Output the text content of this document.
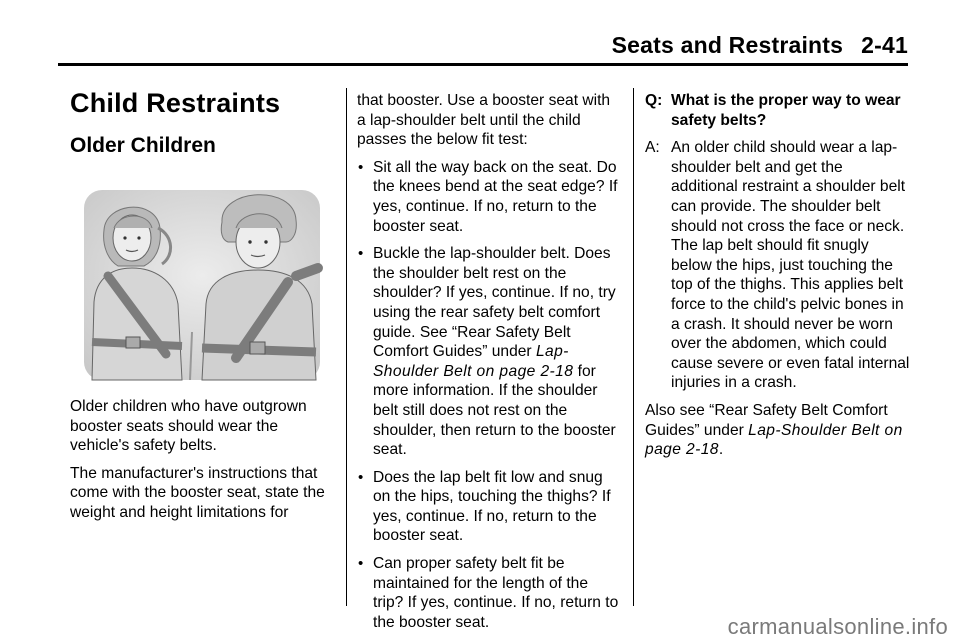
Seats and Restraints 2-41
Child Restraints
Older Children

Older children who have outgrown booster seats should wear the vehicle's safety belts.

The manufacturer's instructions that come with the booster seat, state the weight and height limitations for

that booster. Use a booster seat with a lap-shoulder belt until the child passes the below fit test:

• Sit all the way back on the seat. Do the knees bend at the seat edge? If yes, continue. If no, return to the booster seat.
• Buckle the lap-shoulder belt. Does the shoulder belt rest on the shoulder? If yes, continue. If no, try using the rear safety belt comfort guide. See “Rear Safety Belt Comfort Guides” under Lap-Shoulder Belt on page 2-18 for more information. If the shoulder belt still does not rest on the shoulder, then return to the booster seat.
• Does the lap belt fit low and snug on the hips, touching the thighs? If yes, continue. If no, return to the booster seat.
• Can proper safety belt fit be maintained for the length of the trip? If yes, continue. If no, return to the booster seat.
Q: What is the proper way to wear safety belts?
A: An older child should wear a lap-shoulder belt and get the additional restraint a shoulder belt can provide. The shoulder belt should not cross the face or neck. The lap belt should fit snugly below the hips, just touching the top of the thighs. This applies belt force to the child's pelvic bones in a crash. It should never be worn over the abdomen, which could cause severe or even fatal internal injuries in a crash.

Also see “Rear Safety Belt Comfort Guides” under Lap-Shoulder Belt on page 2-18.

carmanualsonline.info
